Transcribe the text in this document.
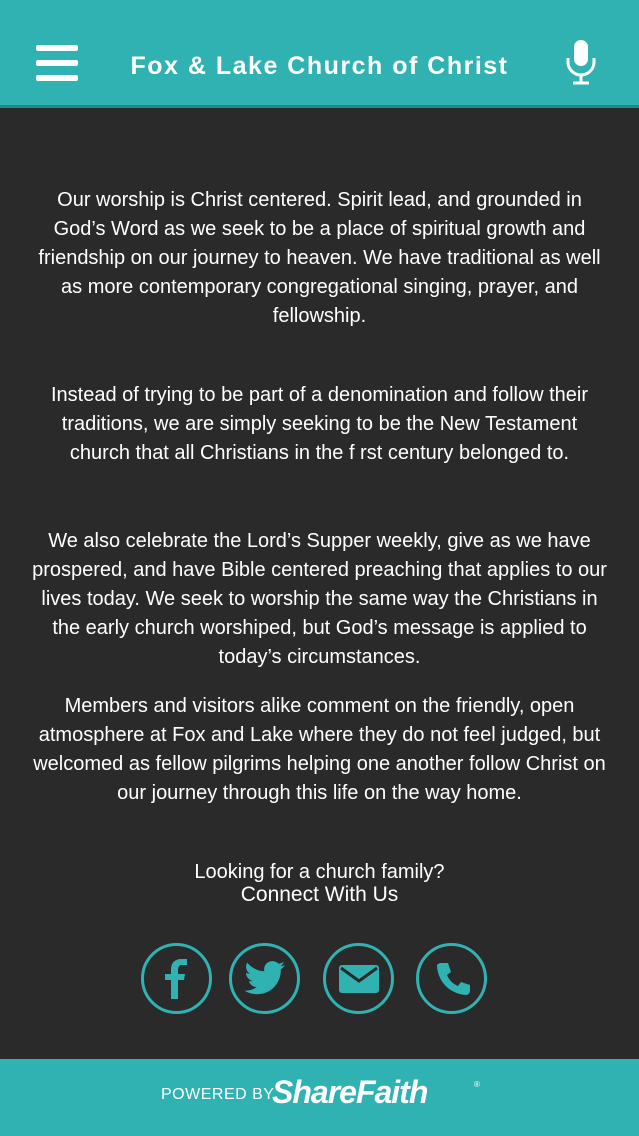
Fox & Lake Church of Christ

Our worship is Christ centered. Spirit lead, and grounded in God’s Word as we seek to be a place of spiritual growth and friendship on our journey to heaven. We have traditional as well as more contemporary congregational singing, prayer, and fellowship.

Instead of trying to be part of a denomination and follow their traditions, we are simply seeking to be the New Testament church that all Christians in the f rst century belonged to.

We also celebrate the Lord’s Supper weekly, give as we have prospered, and have Bible centered preaching that applies to our lives today. We seek to worship the same way the Christians in the early church worshiped, but God’s message is applied to today’s circumstances.

Members and visitors alike comment on the friendly, open atmosphere at Fox and Lake where they do not feel judged, but welcomed as fellow pilgrims helping one another follow Christ on our journey through this life on the way home.

Looking for a church family?

Connect With Us
POWERED BY
ShareFaith	®
